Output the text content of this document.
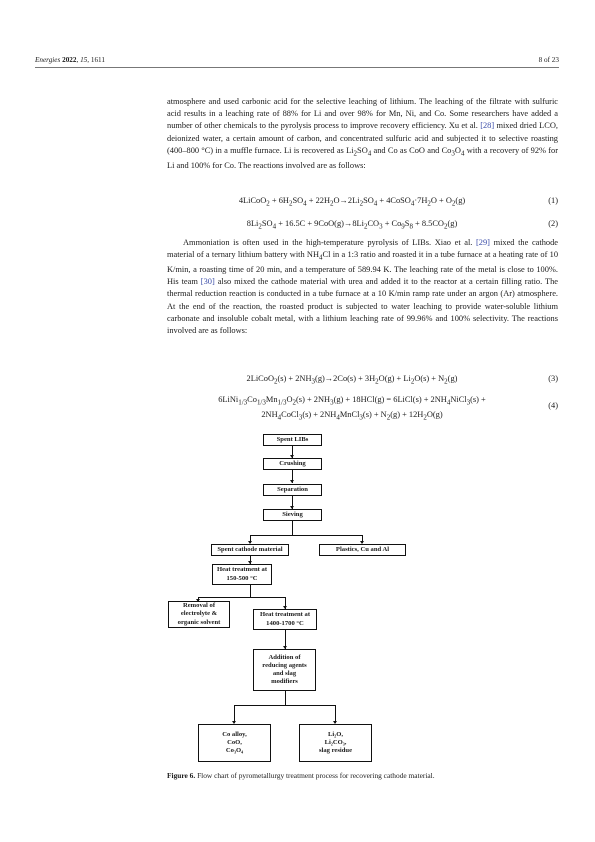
Energies 2022, 15, 1611	8 of 23
atmosphere and used carbonic acid for the selective leaching of lithium. The leaching of the filtrate with sulfuric acid results in a leaching rate of 88% for Li and over 98% for Mn, Ni, and Co. Some researchers have added a number of other chemicals to the pyrolysis process to improve recovery efficiency. Xu et al. [28] mixed dried LCO, deionized water, a certain amount of carbon, and concentrated sulfuric acid and subjected it to selective roasting (400–800 °C) in a muffle furnace. Li is recovered as $Li_2SO_4$ and Co as CoO and $Co_3O_4$ with a recovery of 92% for Li and 100% for Co. The reactions involved are as follows:
4LiCoO$_2$ + $6H_2SO_4 + 22H_2O\to 2Li_2SO_4$ + $4CoSO_4\cdot 7H_2O + O_2(g)$	(1)
$8Li_2SO_4 + 16.5C + 9CoO(g)\to 8Li_2CO_3 + Co_9S_8 + 8.5CO_2(g)$	(2)
Ammoniation is often used in the high-temperature pyrolysis of LIBs. Xiao et al. [29] mixed the cathode material of a ternary lithium battery with $NH_4Cl$ in a 1:3 ratio and roasted it in a tube furnace at a heating rate of 10 K/min, a roasting time of 20 min, and a temperature of 589.94 K. The leaching rate of the metal is close to 100%. His team [30] also mixed the cathode material with urea and added it to the reactor at a certain filling ratio. The thermal reduction reaction is conducted in a tube furnace at a 10 K/min ramp rate under an argon (Ar) atmosphere. At the end of the reaction, the roasted product is subjected to water leaching to provide water-soluble lithium carbonate and insoluble cobalt metal, with a lithium leaching rate of 99.96% and 100% selectivity. The reactions involved are as follows:
2LiCoO$_2$(s) + $2NH_3(g)\to 2Co(s) + 3H_2O(g) + Li_2O(s) + N_2(g)$	(3)
$6LiNi_{1/3}Co_{1/3}Mn_{1/3}O_2(s) + 2NH_3(g) + 18HCl(g)$ = 6LiCl(s) + $2NH_4NiCl_3(s)$ +
$2NH_4CoCl_3(s)$ + $2NH_4MnCl_3(s) + N_2(g) + 12H_2O(g)$
(4)
Spent LIBs
Crushing
Separation
Sieving
Spent cathode material	Plastics, Cu and Al
Heat treatment at
150-500 °C
Removal of
electrolyte &
organic solvent
Heat treatment at
1400-1700 °C
Addition of
reducing agents
and slag
modifiers
Co alloy,
CoO,
Co₃O₄
Li₂O,
Li₂CO₃,
slag residue
Figure 6. Flow chart of pyrometallurgy treatment process for recovering cathode material.
